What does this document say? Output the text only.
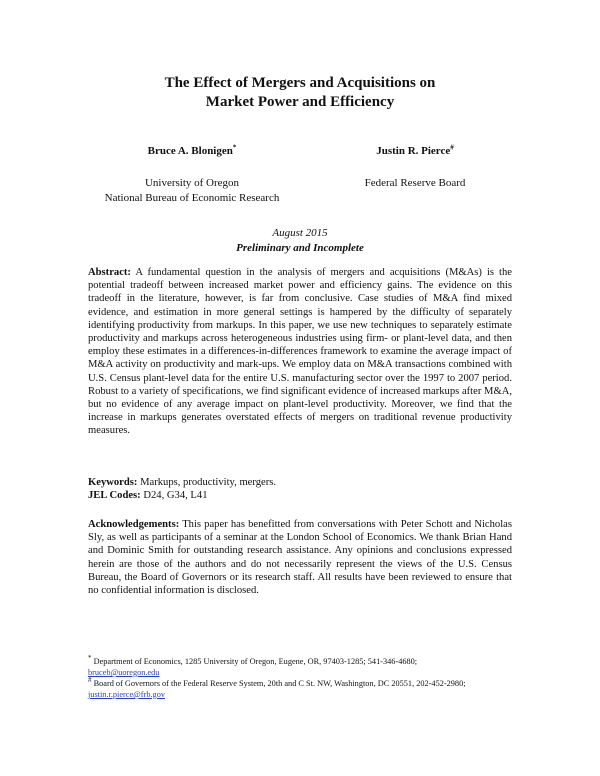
The Effect of Mergers and Acquisitions on
Market Power and Efficiency
Bruce A. Blonigen*
University of Oregon
National Bureau of Economic Research
Justin R. Pierce#
Federal Reserve Board
August 2015
Preliminary and Incomplete
Abstract: A fundamental question in the analysis of mergers and acquisitions (M&As) is the potential tradeoff between increased market power and efficiency gains. The evidence on this tradeoff in the literature, however, is far from conclusive. Case studies of M&A find mixed evidence, and estimation in more general settings is hampered by the difficulty of separately identifying productivity from markups. In this paper, we use new techniques to separately estimate productivity and markups across heterogeneous industries using firm- or plant-level data, and then employ these estimates in a differences-in-differences framework to examine the average impact of M&A activity on productivity and mark-ups. We employ data on M&A transactions combined with U.S. Census plant-level data for the entire U.S. manufacturing sector over the 1997 to 2007 period. Robust to a variety of specifications, we find significant evidence of increased markups after M&A, but no evidence of any average impact on plant-level productivity. Moreover, we find that the increase in markups generates overstated effects of mergers on traditional revenue productivity measures.
Keywords: Markups, productivity, mergers.
JEL Codes: D24, G34, L41
Acknowledgements: This paper has benefitted from conversations with Peter Schott and Nicholas Sly, as well as participants of a seminar at the London School of Economics. We thank Brian Hand and Dominic Smith for outstanding research assistance. Any opinions and conclusions expressed herein are those of the authors and do not necessarily represent the views of the U.S. Census Bureau, the Board of Governors or its research staff. All results have been reviewed to ensure that no confidential information is disclosed.
* Department of Economics, 1285 University of Oregon, Eugene, OR, 97403-1285; 541-346-4680;
bruceb@uoregon.edu
# Board of Governors of the Federal Reserve System, 20th and C St. NW, Washington, DC 20551, 202-452-2980; justin.r.pierce@frb.gov
